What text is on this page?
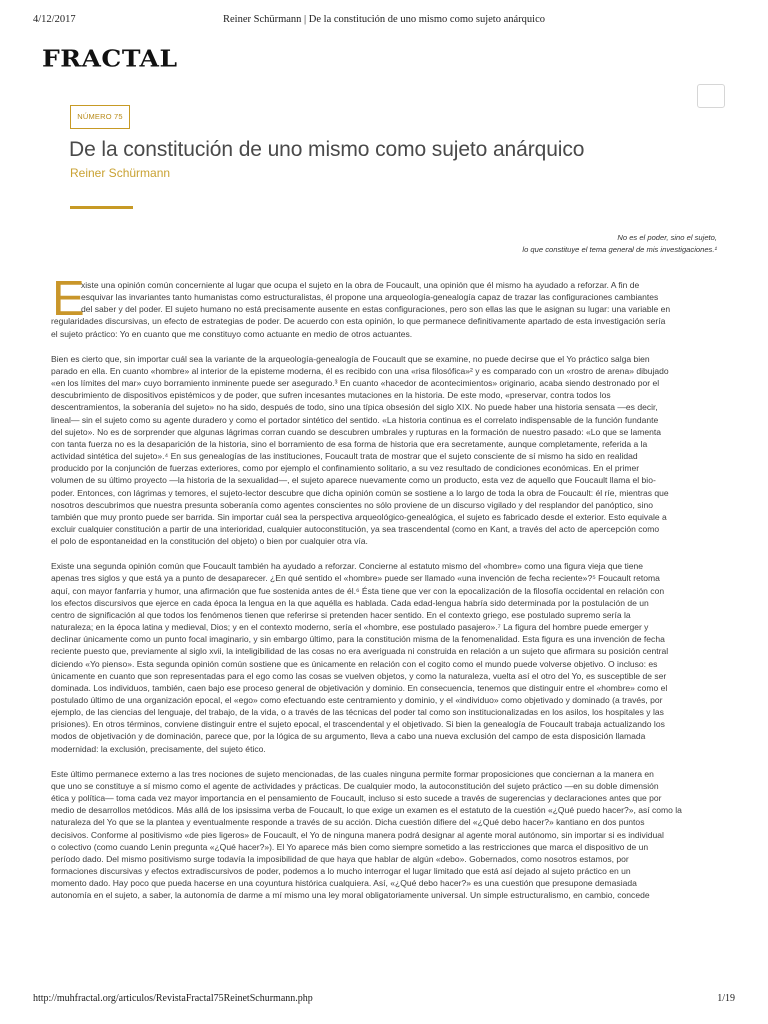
4/12/2017	Reiner Schürmann | De la constitución de uno mismo como sujeto anárquico
FRACTAL
NÚMERO 75
De la constitución de uno mismo como sujeto anárquico
Reiner Schürmann
No es el poder, sino el sujeto,
lo que constituye el tema general de mis investigaciones.¹
E

xiste una opinión común concerniente al lugar que ocupa el sujeto en la obra de Foucault, una opinión que él mismo ha ayudado a reforzar. A fin de
esquivar las invariantes tanto humanistas como estructuralistas, él propone una arqueología-genealogía capaz de trazar las configuraciones cambiantes
del saber y del poder. El sujeto humano no está precisamente ausente en estas configuraciones, pero son ellas las que le asignan su lugar: una variable en
regularidades discursivas, un efecto de estrategias de poder. De acuerdo con esta opinión, lo que permanece definitivamente apartado de esta investigación sería
el sujeto práctico: Yo en cuanto que me constituyo como actuante en medio de otros actuantes.

Bien es cierto que, sin importar cuál sea la variante de la arqueología-genealogía de Foucault que se examine, no puede decirse que el Yo práctico salga bien
parado en ella. En cuanto «hombre» al interior de la episteme moderna, él es recibido con una «risa filosófica»² y es comparado con un «rostro de arena» dibujado
«en los límites del mar» cuyo borramiento inminente puede ser asegurado.³ En cuanto «hacedor de acontecimientos» originario, acaba siendo destronado por el
descubrimiento de dispositivos epistémicos y de poder, que sufren incesantes mutaciones en la historia. De este modo, «preservar, contra todos los
descentramientos, la soberanía del sujeto» no ha sido, después de todo, sino una típica obsesión del siglo XIX. No puede haber una historia sensata —es decir,
lineal— sin el sujeto como su agente duradero y como el portador sintético del sentido. «La historia continua es el correlato indispensable de la función fundante
del sujeto». No es de sorprender que algunas lágrimas corran cuando se descubren umbrales y rupturas en la formación de nuestro pasado: «Lo que se lamenta
con tanta fuerza no es la desaparición de la historia, sino el borramiento de esa forma de historia que era secretamente, aunque completamente, referida a la
actividad sintética del sujeto».⁴ En sus genealogías de las instituciones, Foucault trata de mostrar que el sujeto consciente de sí mismo ha sido en realidad
producido por la conjunción de fuerzas exteriores, como por ejemplo el confinamiento solitario, a su vez resultado de condiciones económicas. En el primer
volumen de su último proyecto —la historia de la sexualidad—, el sujeto aparece nuevamente como un producto, esta vez de aquello que Foucault llama el bio-
poder. Entonces, con lágrimas y temores, el sujeto-lector descubre que dicha opinión común se sostiene a lo largo de toda la obra de Foucault: él ríe, mientras que
nosotros descubrimos que nuestra presunta soberanía como agentes conscientes no sólo proviene de un discurso vigilado y del resplandor del panóptico, sino
también que muy pronto puede ser barrida. Sin importar cuál sea la perspectiva arqueológico-genealógica, el sujeto es fabricado desde el exterior. Esto equivale a
excluir cualquier constitución a partir de una interioridad, cualquier autoconstitución, ya sea trascendental (como en Kant, a través del acto de apercepción como
el polo de espontaneidad en la constitución del objeto) o bien por cualquier otra vía.

Existe una segunda opinión común que Foucault también ha ayudado a reforzar. Concierne al estatuto mismo del «hombre» como una figura vieja que tiene
apenas tres siglos y que está ya a punto de desaparecer. ¿En qué sentido el «hombre» puede ser llamado «una invención de fecha reciente»?⁵ Foucault retoma
aquí, con mayor fanfarria y humor, una afirmación que fue sostenida antes de él.⁶ Ésta tiene que ver con la epocalización de la filosofía occidental en relación con
los efectos discursivos que ejerce en cada época la lengua en la que aquélla es hablada. Cada edad-lengua habría sido determinada por la postulación de un
centro de significación al que todos los fenómenos tienen que referirse si pretenden hacer sentido. En el contexto griego, ese postulado supremo sería la
naturaleza; en la época latina y medieval, Dios; y en el contexto moderno, sería el «hombre, ese postulado pasajero».⁷ La figura del hombre puede emerger y
declinar únicamente como un punto focal imaginario, y sin embargo último, para la constitución misma de la fenomenalidad. Esta figura es una invención de fecha
reciente puesto que, previamente al siglo xvii, la inteligibilidad de las cosas no era averiguada ni construida en relación a un sujeto que afirmara su posición central
diciendo «Yo pienso». Esta segunda opinión común sostiene que es únicamente en relación con el cogito como el mundo puede volverse objetivo. O incluso: es
únicamente en cuanto que son representadas para el ego como las cosas se vuelven objetos, y como la naturaleza, vuelta así el otro del Yo, es susceptible de ser
dominada. Los individuos, también, caen bajo ese proceso general de objetivación y dominio. En consecuencia, tenemos que distinguir entre el «hombre» como el
postulado último de una organización epocal, el «ego» como efectuando este centramiento y dominio, y el «individuo» como objetivado y dominado (a través, por
ejemplo, de las ciencias del lenguaje, del trabajo, de la vida, o a través de las técnicas del poder tal como son institucionalizadas en los asilos, los hospitales y las
prisiones). En otros términos, conviene distinguir entre el sujeto epocal, el trascendental y el objetivado. Si bien la genealogía de Foucault trabaja actualizando los
modos de objetivación y de dominación, parece que, por la lógica de su argumento, lleva a cabo una nueva exclusión del campo de esta disposición llamada
modernidad: la exclusión, precisamente, del sujeto ético.

Este último permanece externo a las tres nociones de sujeto mencionadas, de las cuales ninguna permite formar proposiciones que conciernan a la manera en
que uno se constituye a sí mismo como el agente de actividades y prácticas. De cualquier modo, la autoconstitución del sujeto práctico —en su doble dimensión
ética y política— toma cada vez mayor importancia en el pensamiento de Foucault, incluso si esto sucede a través de sugerencias y declaraciones antes que por
medio de desarrollos metódicos. Más allá de los ipsissima verba de Foucault, lo que exige un examen es el estatuto de la cuestión «¿Qué puedo hacer?», así como la
naturaleza del Yo que se la plantea y eventualmente responde a través de su acción. Dicha cuestión difiere del «¿Qué debo hacer?» kantiano en dos puntos
decisivos. Conforme al positivismo «de pies ligeros» de Foucault, el Yo de ninguna manera podrá designar al agente moral autónomo, sin importar si es individual
o colectivo (como cuando Lenin pregunta «¿Qué hacer?»). El Yo aparece más bien como siempre sometido a las restricciones que marca el dispositivo de un
período dado. Del mismo positivismo surge todavía la imposibilidad de que haya que hablar de algún «debo». Gobernados, como nosotros estamos, por
formaciones discursivas y efectos extradiscursivos de poder, podemos a lo mucho interrogar el lugar limitado que está así dejado al sujeto práctico en un
momento dado. Hay poco que pueda hacerse en una coyuntura histórica cualquiera. Así, «¿Qué debo hacer?» es una cuestión que presupone demasiada
autonomía en el sujeto, a saber, la autonomía de darme a mí mismo una ley moral obligatoriamente universal. Un simple estructuralismo, en cambio, concede

http://muhfractal.org/articulos/RevistaFractal75ReinetSchurmann.php	1/19
